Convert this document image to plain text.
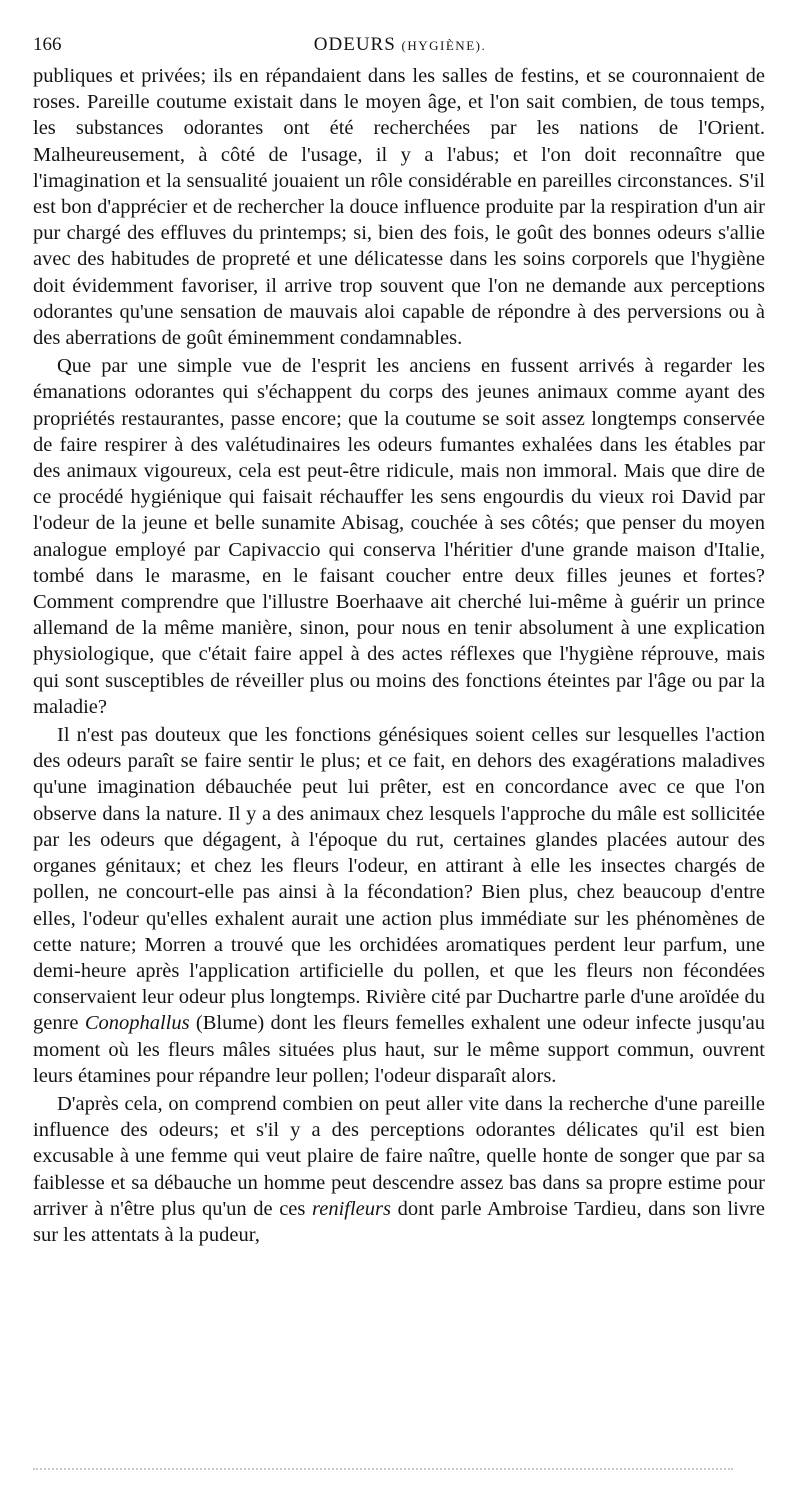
166	ODEURS (HYGIÈNE).

publiques et privées; ils en répandaient dans les salles de festins, et se couronnaient de roses. Pareille coutume existait dans le moyen âge, et l'on sait combien, de tous temps, les substances odorantes ont été recherchées par les nations de l'Orient. Malheureusement, à côté de l'usage, il y a l'abus; et l'on doit reconnaître que l'imagination et la sensualité jouaient un rôle considérable en pareilles circonstances. S'il est bon d'apprécier et de rechercher la douce influence produite par la respiration d'un air pur chargé des effluves du printemps; si, bien des fois, le goût des bonnes odeurs s'allie avec des habitudes de propreté et une délicatesse dans les soins corporels que l'hygiène doit évidemment favoriser, il arrive trop souvent que l'on ne demande aux perceptions odorantes qu'une sensation de mauvais aloi capable de répondre à des perversions ou à des aberrations de goût éminemment condamnables.

Que par une simple vue de l'esprit les anciens en fussent arrivés à regarder les émanations odorantes qui s'échappent du corps des jeunes animaux comme ayant des propriétés restaurantes, passe encore; que la coutume se soit assez longtemps conservée de faire respirer à des valétudinaires les odeurs fumantes exhalées dans les étables par des animaux vigoureux, cela est peut-être ridicule, mais non immoral. Mais que dire de ce procédé hygiénique qui faisait réchauffer les sens engourdis du vieux roi David par l'odeur de la jeune et belle sunamite Abisag, couchée à ses côtés; que penser du moyen analogue employé par Capivaccio qui conserva l'héritier d'une grande maison d'Italie, tombé dans le marasme, en le faisant coucher entre deux filles jeunes et fortes? Comment comprendre que l'illustre Boerhaave ait cherché lui-même à guérir un prince allemand de la même manière, sinon, pour nous en tenir absolument à une explication physiologique, que c'était faire appel à des actes réflexes que l'hygiène réprouve, mais qui sont susceptibles de réveiller plus ou moins des fonctions éteintes par l'âge ou par la maladie?

Il n'est pas douteux que les fonctions génésiques soient celles sur lesquelles l'action des odeurs paraît se faire sentir le plus; et ce fait, en dehors des exagérations maladives qu'une imagination débauchée peut lui prêter, est en concordance avec ce que l'on observe dans la nature. Il y a des animaux chez lesquels l'approche du mâle est sollicitée par les odeurs que dégagent, à l'époque du rut, certaines glandes placées autour des organes génitaux; et chez les fleurs l'odeur, en attirant à elle les insectes chargés de pollen, ne concourt-elle pas ainsi à la fécondation? Bien plus, chez beaucoup d'entre elles, l'odeur qu'elles exhalent aurait une action plus immédiate sur les phénomènes de cette nature; Morren a trouvé que les orchidées aromatiques perdent leur parfum, une demi-heure après l'application artificielle du pollen, et que les fleurs non fécondées conservaient leur odeur plus longtemps. Rivière cité par Duchartre parle d'une aroïdée du genre Conophallus (Blume) dont les fleurs femelles exhalent une odeur infecte jusqu'au moment où les fleurs mâles situées plus haut, sur le même support commun, ouvrent leurs étamines pour répandre leur pollen; l'odeur disparaît alors.

D'après cela, on comprend combien on peut aller vite dans la recherche d'une pareille influence des odeurs; et s'il y a des perceptions odorantes délicates qu'il est bien excusable à une femme qui veut plaire de faire naître, quelle honte de songer que par sa faiblesse et sa débauche un homme peut descendre assez bas dans sa propre estime pour arriver à n'être plus qu'un de ces renifleurs dont parle Ambroise Tardieu, dans son livre sur les attentats à la pudeur,
